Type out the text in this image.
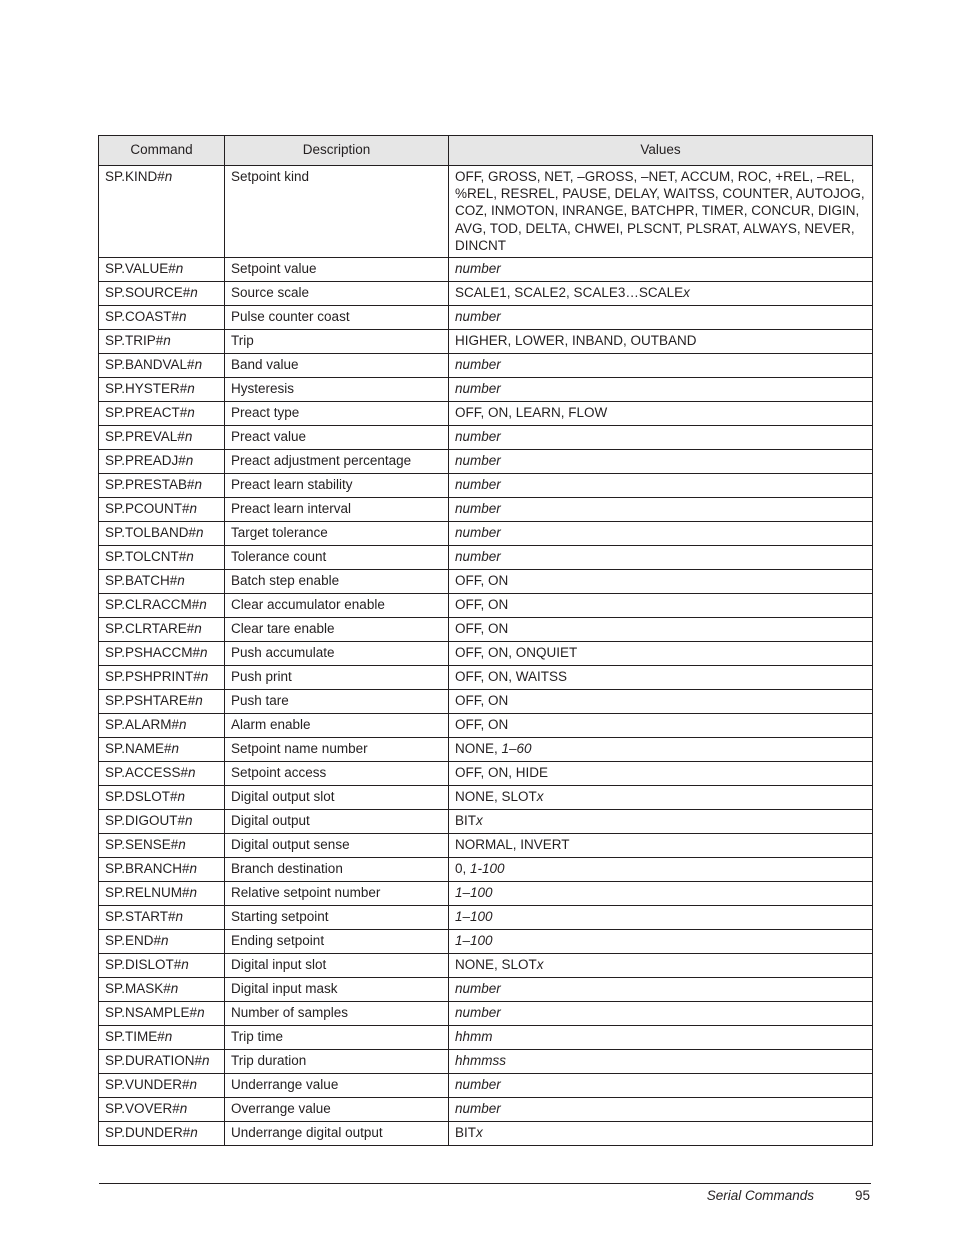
Command	Description	Values
SP.KIND#n	Setpoint kind	OFF, GROSS, NET, –GROSS, –NET, ACCUM, ROC, +REL, –REL, %REL, RESREL, PAUSE, DELAY, WAITSS, COUNTER, AUTOJOG, COZ, INMOTON, INRANGE, BATCHPR, TIMER, CONCUR, DIGIN, AVG, TOD, DELTA, CHWEI, PLSCNT, PLSRAT, ALWAYS, NEVER, DINCNT
SP.VALUE#n	Setpoint value	number
SP.SOURCE#n	Source scale	SCALE1, SCALE2, SCALE3…SCALEx
SP.COAST#n	Pulse counter coast	number
SP.TRIP#n	Trip	HIGHER, LOWER, INBAND, OUTBAND
SP.BANDVAL#n	Band value	number
SP.HYSTER#n	Hysteresis	number
SP.PREACT#n	Preact type	OFF, ON, LEARN, FLOW
SP.PREVAL#n	Preact value	number
SP.PREADJ#n	Preact adjustment percentage	number
SP.PRESTAB#n	Preact learn stability	number
SP.PCOUNT#n	Preact learn interval	number
SP.TOLBAND#n	Target tolerance	number
SP.TOLCNT#n	Tolerance count	number
SP.BATCH#n	Batch step enable	OFF, ON
SP.CLRACCM#n	Clear accumulator enable	OFF, ON
SP.CLRTARE#n	Clear tare enable	OFF, ON
SP.PSHACCM#n	Push accumulate	OFF, ON, ONQUIET
SP.PSHPRINT#n	Push print	OFF, ON, WAITSS
SP.PSHTARE#n	Push tare	OFF, ON
SP.ALARM#n	Alarm enable	OFF, ON
SP.NAME#n	Setpoint name number	NONE, 1–60
SP.ACCESS#n	Setpoint access	OFF, ON, HIDE
SP.DSLOT#n	Digital output slot	NONE, SLOTx
SP.DIGOUT#n	Digital output	BITx
SP.SENSE#n	Digital output sense	NORMAL, INVERT
SP.BRANCH#n	Branch destination	0, 1-100
SP.RELNUM#n	Relative setpoint number	1–100
SP.START#n	Starting setpoint	1–100
SP.END#n	Ending setpoint	1–100
SP.DISLOT#n	Digital input slot	NONE, SLOTx
SP.MASK#n	Digital input mask	number
SP.NSAMPLE#n	Number of samples	number
SP.TIME#n	Trip time	hhmm
SP.DURATION#n	Trip duration	hhmmss
SP.VUNDER#n	Underrange value	number
SP.VOVER#n	Overrange value	number
SP.DUNDER#n	Underrange digital output	BITx
Serial Commands	95
